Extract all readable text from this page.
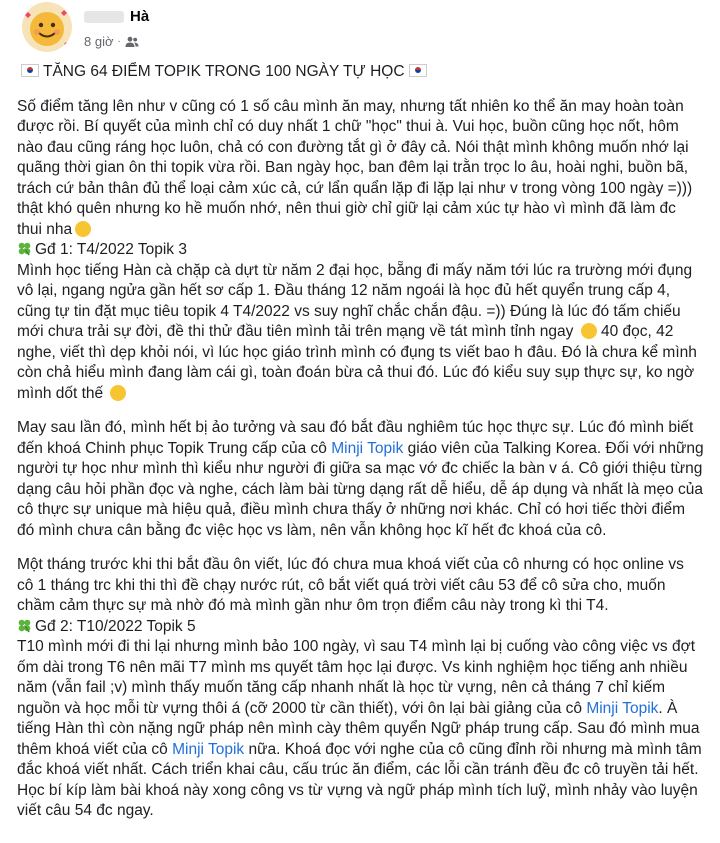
Hà
8 giờ ·

TĂNG 64 ĐIỂM TOPIK TRONG 100 NGÀY TỰ HỌC

Số điểm tăng lên như v cũng có 1 số câu mình ăn may, nhưng tất nhiên ko thể ăn may hoàn toàn được rồi. Bí quyết của mình chỉ có duy nhất 1 chữ "học" thui à. Vui học, buồn cũng học nốt, hôm nào đau cũng ráng học luôn, chả có con đường tắt gì ở đây cả. Nói thật mình không muốn nhớ lại quãng thời gian ôn thi topik vừa rồi. Ban ngày học, ban đêm lại trằn trọc lo âu, hoài nghi, buồn bã, trách cứ bản thân đủ thể loại cảm xúc cả, cứ lẩn quẩn lặp đi lặp lại như v trong vòng 100 ngày =))) thật khó quên nhưng ko hề muốn nhớ, nên thui giờ chỉ giữ lại cảm xúc tự hào vì mình đã làm đc thui nha
Gđ 1: T4/2022 Topik 3
Mình học tiếng Hàn cà chặp cà dựt từ năm 2 đại học, bẵng đi mấy năm tới lúc ra trường mới đụng vô lại, ngang ngửa gần hết sơ cấp 1. Đầu tháng 12 năm ngoái là học đủ hết quyển trung cấp 4, cũng tự tin đặt mục tiêu topik 4 T4/2022 vs suy nghĩ chắc chắn đậu. =)) Đúng là lúc đó tấm chiếu mới chưa trải sự đời, đề thi thử đầu tiên mình tải trên mạng về tát mình tỉnh ngay 40 đọc, 42 nghe, viết thì dẹp khỏi nói, vì lúc học giáo trình mình có đụng ts viết bao h đâu. Đó là chưa kể mình còn chả hiểu mình đang làm cái gì, toàn đoán bừa cả thui đó. Lúc đó kiểu suy sụp thực sự, ko ngờ mình dốt thế

May sau lần đó, mình hết bị ảo tưởng và sau đó bắt đầu nghiêm túc học thực sự. Lúc đó mình biết đến khoá Chinh phục Topik Trung cấp của cô Minji Topik giáo viên của Talking Korea. Đối với những người tự học như mình thì kiểu như người đi giữa sa mạc vớ đc chiếc la bàn v á. Cô giới thiệu từng dạng câu hỏi phần đọc và nghe, cách làm bài từng dạng rất dễ hiểu, dễ áp dụng và nhất là mẹo của cô thực sự unique mà hiệu quả, điều mình chưa thấy ở những nơi khác. Chỉ có hơi tiếc thời điểm đó mình chưa cân bằng đc việc học vs làm, nên vẫn không học kĩ hết đc khoá của cô.

Một tháng trước khi thi bắt đầu ôn viết, lúc đó chưa mua khoá viết của cô nhưng có học online vs cô 1 tháng trc khi thi thì đề chạy nước rút, cô bắt viết quá trời viết câu 53 để cô sửa cho, muốn chầm cảm thực sự mà nhờ đó mà mình gần như ôm trọn điểm câu này trong kì thi T4.
Gđ 2: T10/2022 Topik 5
T10 mình mới đi thi lại nhưng mình bảo 100 ngày, vì sau T4 mình lại bị cuống vào công việc vs đợt ốm dài trong T6 nên mãi T7 mình ms quyết tâm học lại được. Vs kinh nghiệm học tiếng anh nhiều năm (vẫn fail ;v) mình thấy muốn tăng cấp nhanh nhất là học từ vựng, nên cả tháng 7 chỉ kiếm nguồn và học mỗi từ vựng thôi á (cỡ 2000 từ cần thiết), với ôn lại bài giảng của cô Minji Topik. À tiếng Hàn thì còn nặng ngữ pháp nên mình cày thêm quyển Ngữ pháp trung cấp. Sau đó mình mua thêm khoá viết của cô Minji Topik nữa. Khoá đọc với nghe của cô cũng đỉnh rồi nhưng mà mình tâm đắc khoá viết nhất. Cách triển khai câu, cấu trúc ăn điểm, các lỗi cần tránh đều đc cô truyền tải hết. Học bí kíp làm bài khoá này xong công vs từ vựng và ngữ pháp mình tích luỹ, mình nhảy vào luyện viết câu 54 đc ngay.
